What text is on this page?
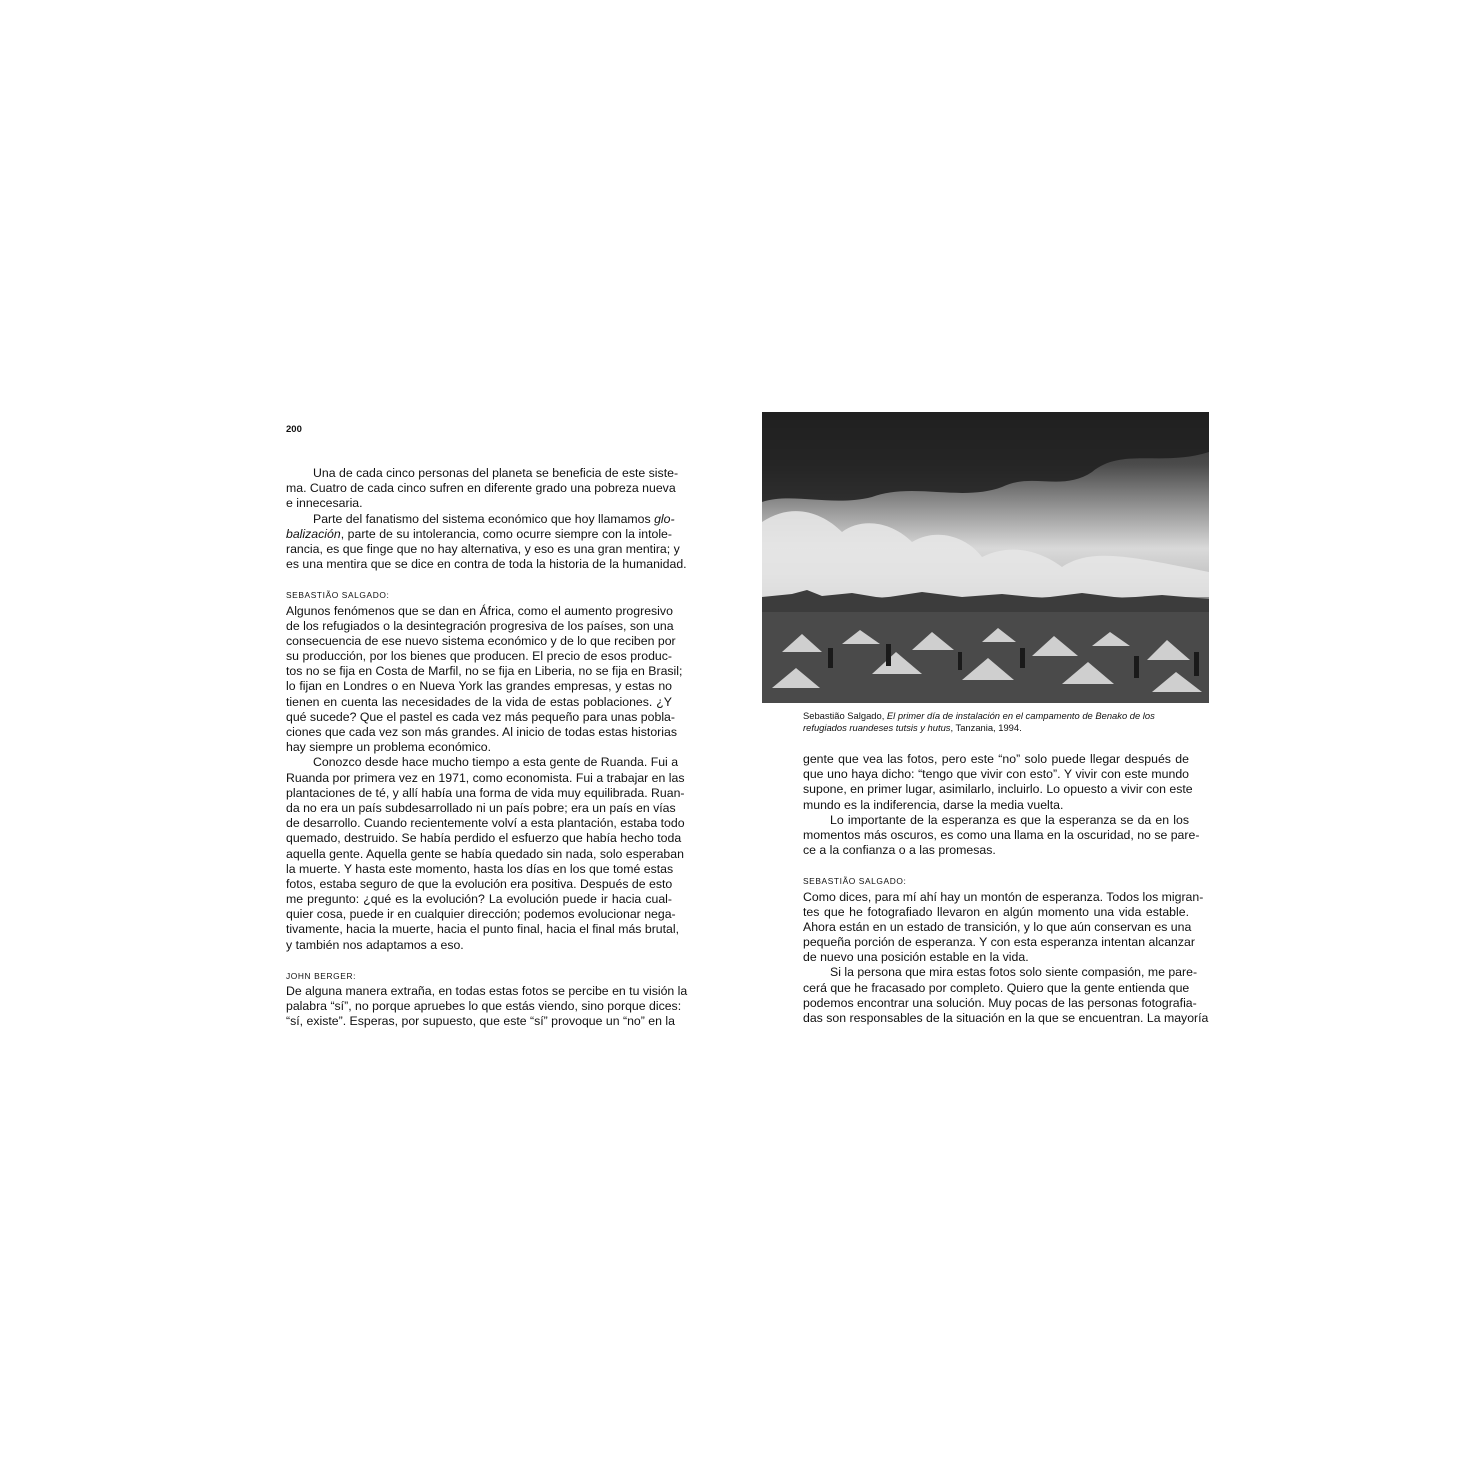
200
Una de cada cinco personas del planeta se beneficia de este siste-
ma. Cuatro de cada cinco sufren en diferente grado una pobreza nueva
e innecesaria.
Parte del fanatismo del sistema económico que hoy llamamos glo-
balización, parte de su intolerancia, como ocurre siempre con la intole-
rancia, es que finge que no hay alternativa, y eso es una gran mentira; y
es una mentira que se dice en contra de toda la historia de la humanidad.
SEBASTIÃO SALGADO:
Algunos fenómenos que se dan en África, como el aumento progresivo
de los refugiados o la desintegración progresiva de los países, son una
consecuencia de ese nuevo sistema económico y de lo que reciben por
su producción, por los bienes que producen. El precio de esos produc-
tos no se fija en Costa de Marfil, no se fija en Liberia, no se fija en Brasil;
lo fijan en Londres o en Nueva York las grandes empresas, y estas no
tienen en cuenta las necesidades de la vida de estas poblaciones. ¿Y
qué sucede? Que el pastel es cada vez más pequeño para unas pobla-
ciones que cada vez son más grandes. Al inicio de todas estas historias
hay siempre un problema económico.
Conozco desde hace mucho tiempo a esta gente de Ruanda. Fui a
Ruanda por primera vez en 1971, como economista. Fui a trabajar en las
plantaciones de té, y allí había una forma de vida muy equilibrada. Ruan-
da no era un país subdesarrollado ni un país pobre; era un país en vías
de desarrollo. Cuando recientemente volví a esta plantación, estaba todo
quemado, destruido. Se había perdido el esfuerzo que había hecho toda
aquella gente. Aquella gente se había quedado sin nada, solo esperaban
la muerte. Y hasta este momento, hasta los días en los que tomé estas
fotos, estaba seguro de que la evolución era positiva. Después de esto
me pregunto: ¿qué es la evolución? La evolución puede ir hacia cual-
quier cosa, puede ir en cualquier dirección; podemos evolucionar nega-
tivamente, hacia la muerte, hacia el punto final, hacia el final más brutal,
y también nos adaptamos a eso.
JOHN BERGER:
De alguna manera extraña, en todas estas fotos se percibe en tu visión la
palabra “sí”, no porque apruebes lo que estás viendo, sino porque dices:
“sí, existe”. Esperas, por supuesto, que este “sí” provoque un “no” en la
Sebastião Salgado, El primer día de instalación en el campamento de Benako de los
refugiados ruandeses tutsis y hutus, Tanzania, 1994.
gente que vea las fotos, pero este “no” solo puede llegar después de
que uno haya dicho: “tengo que vivir con esto”. Y vivir con este mundo
supone, en primer lugar, asimilarlo, incluirlo. Lo opuesto a vivir con este
mundo es la indiferencia, darse la media vuelta.
Lo importante de la esperanza es que la esperanza se da en los
momentos más oscuros, es como una llama en la oscuridad, no se pare-
ce a la confianza o a las promesas.
SEBASTIÃO SALGADO:
Como dices, para mí ahí hay un montón de esperanza. Todos los migran-
tes que he fotografiado llevaron en algún momento una vida estable.
Ahora están en un estado de transición, y lo que aún conservan es una
pequeña porción de esperanza. Y con esta esperanza intentan alcanzar
de nuevo una posición estable en la vida.
Si la persona que mira estas fotos solo siente compasión, me pare-
cerá que he fracasado por completo. Quiero que la gente entienda que
podemos encontrar una solución. Muy pocas de las personas fotografia-
das son responsables de la situación en la que se encuentran. La mayoría
